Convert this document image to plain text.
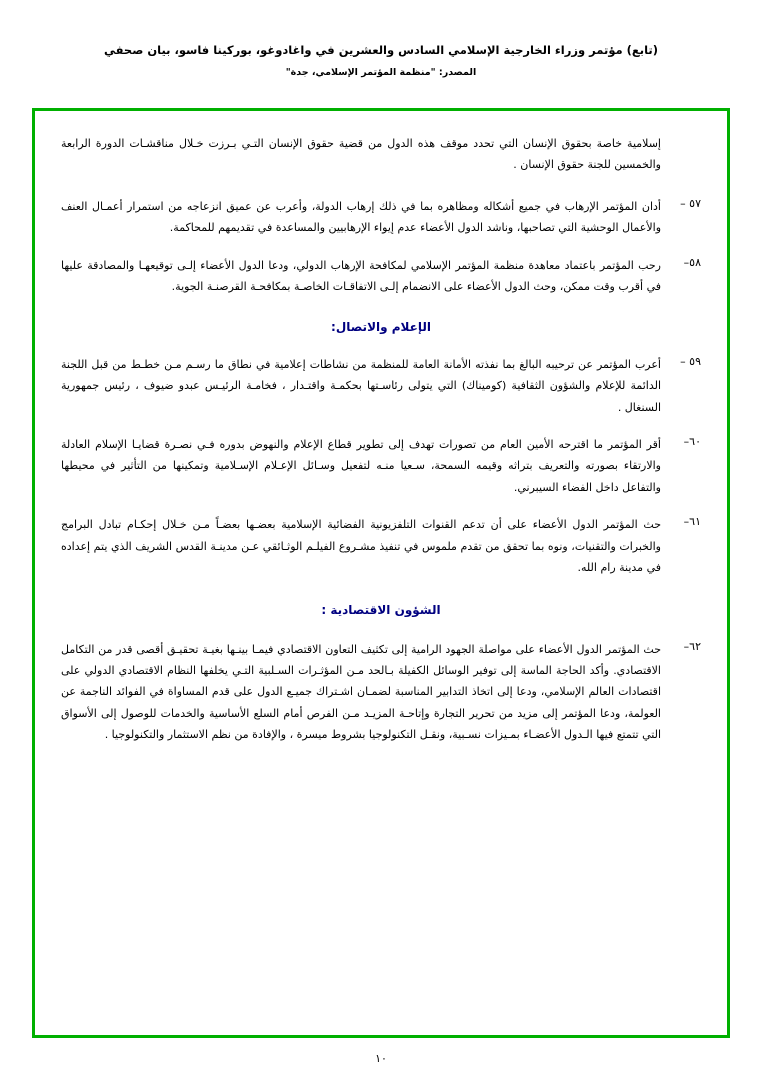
(تابع) مؤتمر وزراء الخارجية الإسلامي السادس والعشرين في واغادوغو، بوركينا فاسو، بيان صحفي
المصدر: "منظمة المؤتمر الإسلامي، جدة"
إسلامية خاصة بحقوق الإنسان التي تحدد موقف هذه الدول من قضية حقوق الإنسان التـي بـرزت خـلال مناقشـات الدورة الرابعة والخمسين للجنة حقوق الإنسان .
٥٧ –
أدان المؤتمر الإرهاب في جميع أشكاله ومظاهره بما في ذلك إرهاب الدولة، وأعرب عن عميق انزعاجه من استمرار أعمـال العنف والأعمال الوحشية التي تصاحبها، وناشد الدول الأعضاء عدم إيواء الإرهابيين والمساعدة في تقديمهم للمحاكمة.
٥٨–
رحب المؤتمر باعتماد معاهدة منظمة المؤتمر الإسلامي لمكافحة الإرهاب الدولي، ودعا الدول الأعضاء إلـى توقيعهـا والمصادقة عليها في أقرب وقت ممكن، وحث الدول الأعضاء على الانضمام إلـى الاتفاقـات الخاصـة بمكافحـة القرصنـة الجوية.
الإعلام والاتصال:
٥٩ –
أعرب المؤتمر عن ترحيبه البالغ بما نفذته الأمانة العامة للمنظمة من نشاطات إعلامية في نطاق ما رسـم مـن خطـط من قبل اللجنة الدائمة للإعلام والشؤون الثقافية (كوميناك) التي يتولى رئاسـتها بحكمـة واقتـدار ، فخامـة الرئيـس عبدو ضيوف ، رئيس جمهورية السنغال .
٦٠–
أقر المؤتمر ما اقترحه الأمين العام من تصورات تهدف إلى تطوير قطاع الإعلام والنهوض بدوره فـي نصـرة قضايـا الإسلام العادلة والارتقاء بصورته والتعريف بتراثه وقيمه السمحة، سـعيا منـه لتفعيل وسـائل الإعـلام الإسـلامية وتمكينها من التأثير في محيطها والتفاعل داخل الفضاء السيبرني.
٦١–
حث المؤتمر الدول الأعضاء على أن تدعم القنوات التلفزيونية الفضائية الإسلامية بعضـها بعضـاً مـن خـلال إحكـام تبادل البرامج والخبرات والتقنيات، ونوه بما تحقق من تقدم ملموس في تنفيذ مشـروع الفيلـم الوثـائقي عـن مدينـة القدس الشريف الذي يتم إعداده في مدينة رام الله.
الشؤون الاقتصادية :
٦٢–
حث المؤتمر الدول الأعضاء على مواصلة الجهود الرامية إلى تكثيف التعاون الاقتصادي فيمـا بينـها بغيـة تحقيـق أقصى قدر من التكامل الاقتصادي. وأكد الحاجة الماسة إلى توفير الوسائل الكفيلة بـالحد مـن المؤثـرات السـلبية التـي يخلفها النظام الاقتصادي الدولي على اقتصادات العالم الإسلامي، ودعا إلى اتخاذ التدابير المناسبة لضمـان اشـتراك جميـع الدول على قدم المساواة في الفوائد الناجمة عن العولمة، ودعا المؤتمر إلى مزيد من تحرير التجارة وإتاحـة المزيـد مـن الفرص أمام السلع الأساسية والخدمات للوصول إلى الأسواق التي تتمتع فيها الـدول الأعضـاء بمـيزات نسـبية، ونقـل التكنولوجيا بشروط ميسرة ، والإفادة من نظم الاستثمار والتكنولوجيا .
١٠
